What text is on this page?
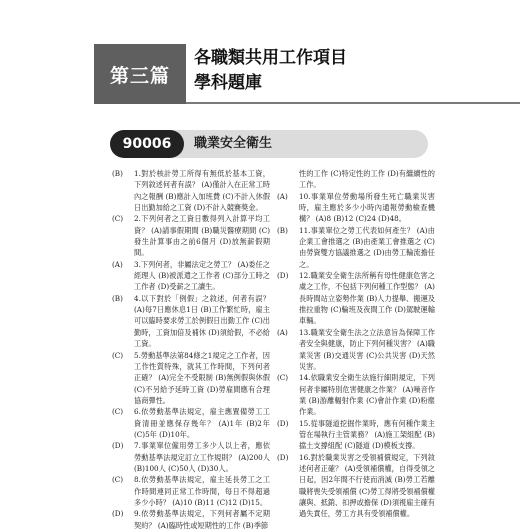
第三篇
各職類共用工作項目
學科題庫
90006	職業安全衛生
(B)	1.對於核計勞工所得有無低於基本工資，下列敘述何者有誤？ (A)僅計入在正常工時內之報酬 (B)應計入加班費 (C)不計入休假日出勤加給之工資 (D)不計入競賽獎金。
(C)	2.下列何者之工資日數得列入計算平均工資？ (A)請事假期間 (B)職災醫療期間 (C)發生計算事由之前6個月 (D)放無薪假期間。
(A)	3.下列何者，非屬法定之勞工？ (A)委任之經理人 (B)被派遣之工作者 (C)部分工時之工作者 (D)受薪之工讀生。
(B)	4.以下對於「例假」之敘述，何者有誤？ (A)每7日應休息1日 (B)工作繁忙時，雇主可以臨時要求勞工於例假日出勤工作 (C)出勤時，工資加倍及補休 (D)須給假，不必給工資。
(C)	5.勞動基準法第84條之1規定之工作者，因工作性質特殊，就其工作時間，下列何者正確？ (A)完全不受限制 (B)無例假與休假 (C)不另給予延時工資 (D)勞雇間應有合理協商彈性。
(C)	6.依勞動基準法規定，雇主應置備勞工工資清冊並應保存幾年？ (A)1年 (B)2年 (C)5年 (D)10年。
(D)	7.事業單位僱用勞工多少人以上者，應依勞動基準法規定訂立工作規則？ (A)200人 (B)100人 (C)50人 (D)30人。
(C)	8.依勞動基準法規定，雇主延長勞工之工作時間連同正常工作時間，每日不得超過多少小時？ (A)10 (B)11 (C)12 (D)15。
(D)	9.依勞動基準法規定，下列何者屬不定期契約？ (A)臨時性或短期性的工作 (B)季節
性的工作 (C)特定性的工作 (D)有繼續性的工作。
(A)	10.事業單位勞動場所發生死亡職業災害時，雇主應於多少小時內通報勞動檢查機構？ (A)8 (B)12 (C)24 (D)48。
(B)	11.事業單位之勞工代表如何產生？ (A)由企業工會推選之 (B)由產業工會推選之 (C)由勞資雙方協議推選之 (D)由勞工輪流擔任之。
(D)	12.職業安全衛生法所稱有母性健康危害之虞之工作，不包括下列何種工作型態？ (A)長時間站立姿勢作業 (B)人力提舉、搬運及推拉重物 (C)輪班及夜間工作 (D)駕駛運輸車輛。
(A)	13.職業安全衛生法之立法意旨為保障工作者安全與健康，防止下列何種災害？ (A)職業災害 (B)交通災害 (C)公共災害 (D)天然災害。
(C)	14.依職業安全衛生法施行細則規定，下列何者非屬特別危害健康之作業？ (A)噪音作業 (B)游離輻射作業 (C)會計作業 (D)粉塵作業。
(D)	15.從事隧道挖掘作業時，應有何種作業主管在場執行主管業務？ (A)施工架組配 (B)擋土支撐組配 (C)隧道 (D)模板支撐。
(D)	16.對於職業災害之受領補償規定，下列敘述何者正確？ (A)受領補償權，自得受領之日起，因2年間不行使而消滅 (B)勞工若離職將喪失受領補償 (C)勞工得將受領補償權讓與、抵銷、扣押或擔保 (D)須視雇主確有過失責任，勞工方具有受領補償權。
